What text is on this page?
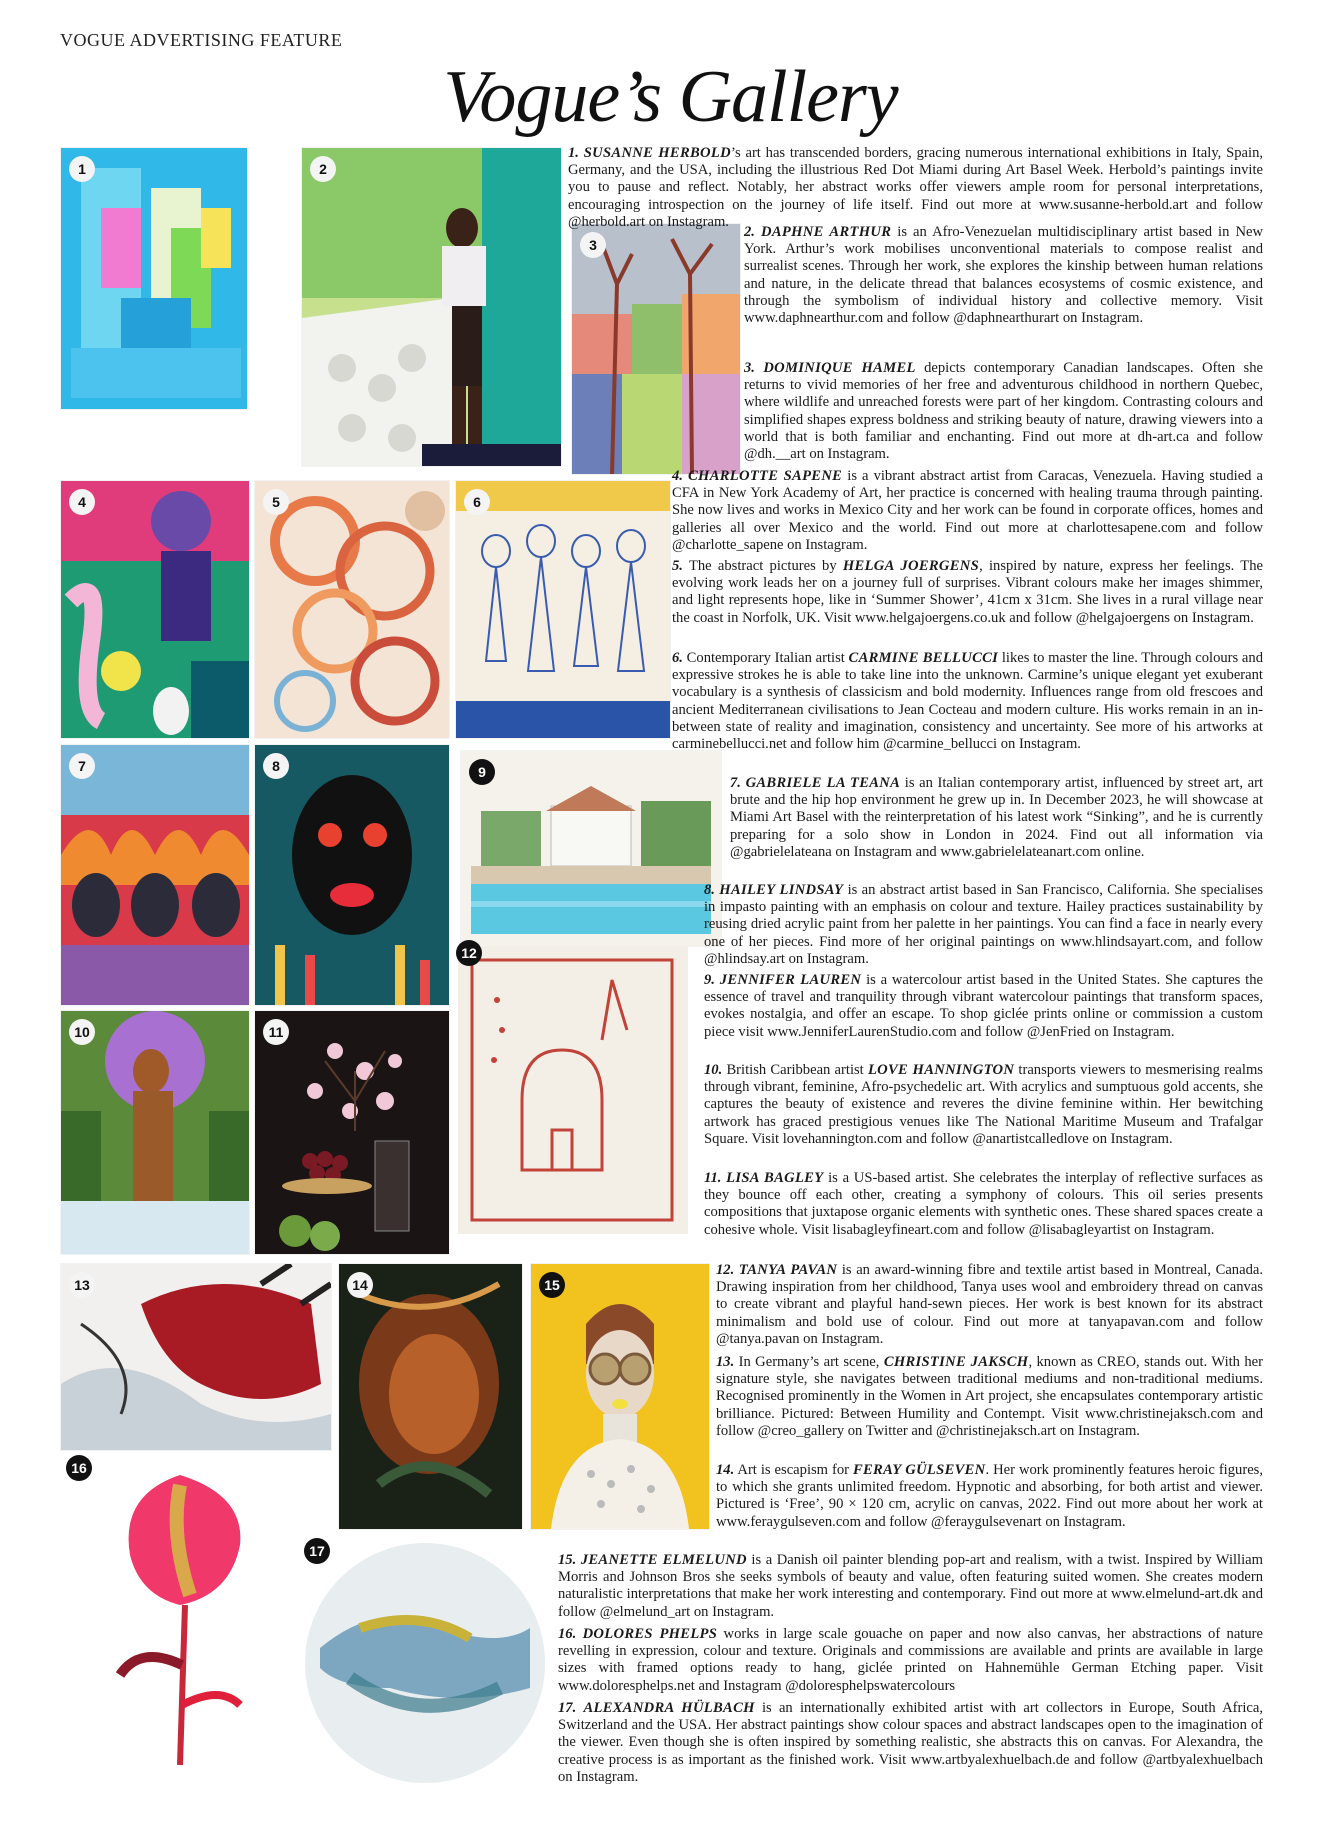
VOGUE ADVERTISING FEATURE
Vogue’s Gallery
1	2
3
4	5	6
7	8	9
10	11
12
13	14	15
16
17
1. SUSANNE HERBOLD’s art has transcended borders, gracing numerous international exhibitions in Italy, Spain, Germany, and the USA, including the illustrious Red Dot Miami during Art Basel Week. Herbold’s paintings invite you to pause and reflect. Notably, her abstract works offer viewers ample room for personal interpretations, encouraging introspection on the journey of life itself. Find out more at www.susanne-herbold.art and follow @herbold.art on Instagram.
2. DAPHNE ARTHUR is an Afro-Venezuelan multidisciplinary artist based in New York. Arthur’s work mobilises unconventional materials to compose realist and surrealist scenes. Through her work, she explores the kinship between human relations and nature, in the delicate thread that balances ecosystems of cosmic existence, and through the symbolism of individual history and collective memory. Visit www.daphnearthur.com and follow @daphnearthurart on Instagram.
3. DOMINIQUE HAMEL depicts contemporary Canadian landscapes. Often she returns to vivid memories of her free and adventurous childhood in northern Quebec, where wildlife and unreached forests were part of her kingdom. Contrasting colours and simplified shapes express boldness and striking beauty of nature, drawing viewers into a world that is both familiar and enchanting. Find out more at dh-art.ca and follow @dh.__art on Instagram.
4. CHARLOTTE SAPENE is a vibrant abstract artist from Caracas, Venezuela. Having studied a CFA in New York Academy of Art, her practice is concerned with healing trauma through painting. She now lives and works in Mexico City and her work can be found in corporate offices, homes and galleries all over Mexico and the world. Find out more at charlottesapene.com and follow @charlotte_sapene on Instagram.
5. The abstract pictures by HELGA JOERGENS, inspired by nature, express her feelings. The evolving work leads her on a journey full of surprises. Vibrant colours make her images shimmer, and light represents hope, like in ‘Summer Shower’, 41cm x 31cm. She lives in a rural village near the coast in Norfolk, UK. Visit www.helgajoergens.co.uk and follow @helgajoergens on Instagram.
6. Contemporary Italian artist CARMINE BELLUCCI likes to master the line. Through colours and expressive strokes he is able to take line into the unknown. Carmine’s unique elegant yet exuberant vocabulary is a synthesis of classicism and bold modernity. Influences range from old frescoes and ancient Mediterranean civilisations to Jean Cocteau and modern culture. His works remain in an in-between state of reality and imagination, consistency and uncertainty. See more of his artworks at carminebellucci.net and follow him @carmine_bellucci on Instagram.
7. GABRIELE LA TEANA is an Italian contemporary artist, influenced by street art, art brute and the hip hop environment he grew up in. In December 2023, he will showcase at Miami Art Basel with the reinterpretation of his latest work “Sinking”, and he is currently preparing for a solo show in London in 2024. Find out all information via @gabrielelateana on Instagram and www.gabrielelateanart.com online.
8. HAILEY LINDSAY is an abstract artist based in San Francisco, California. She specialises in impasto painting with an emphasis on colour and texture. Hailey practices sustainability by reusing dried acrylic paint from her palette in her paintings. You can find a face in nearly every one of her pieces. Find more of her original paintings on www.hlindsayart.com, and follow @hlindsay.art on Instagram.
9. JENNIFER LAUREN is a watercolour artist based in the United States. She captures the essence of travel and tranquility through vibrant watercolour paintings that transform spaces, evokes nostalgia, and offer an escape. To shop giclée prints online or commission a custom piece visit www.JenniferLaurenStudio.com and follow @JenFried on Instagram.
10. British Caribbean artist LOVE HANNINGTON transports viewers to mesmerising realms through vibrant, feminine, Afro-psychedelic art. With acrylics and sumptuous gold accents, she captures the beauty of existence and reveres the divine feminine within. Her bewitching artwork has graced prestigious venues like The National Maritime Museum and Trafalgar Square. Visit lovehannington.com and follow @anartistcalledlove on Instagram.
11. LISA BAGLEY is a US-based artist. She celebrates the interplay of reflective surfaces as they bounce off each other, creating a symphony of colours. This oil series presents compositions that juxtapose organic elements with synthetic ones. These shared spaces create a cohesive whole. Visit lisabagleyfineart.com and follow @lisabagleyartist on Instagram.
12. TANYA PAVAN is an award-winning fibre and textile artist based in Montreal, Canada. Drawing inspiration from her childhood, Tanya uses wool and embroidery thread on canvas to create vibrant and playful hand-sewn pieces. Her work is best known for its abstract minimalism and bold use of colour. Find out more at tanyapavan.com and follow @tanya.pavan on Instagram.
13. In Germany’s art scene, CHRISTINE JAKSCH, known as CREO, stands out. With her signature style, she navigates between traditional mediums and non-traditional mediums. Recognised prominently in the Women in Art project, she encapsulates contemporary artistic brilliance. Pictured: Between Humility and Contempt. Visit www.christinejaksch.com and follow @creo_gallery on Twitter and @christinejaksch.art on Instagram.
14. Art is escapism for FERAY GÜLSEVEN. Her work prominently features heroic figures, to which she grants unlimited freedom. Hypnotic and absorbing, for both artist and viewer. Pictured is ‘Free’, 90 × 120 cm, acrylic on canvas, 2022. Find out more about her work at www.feraygulseven.com and follow @feraygulsevenart on Instagram.
15. JEANETTE ELMELUND is a Danish oil painter blending pop-art and realism, with a twist. Inspired by William Morris and Johnson Bros she seeks symbols of beauty and value, often featuring suited women. She creates modern naturalistic interpretations that make her work interesting and contemporary. Find out more at www.elmelund-art.dk and follow @elmelund_art on Instagram.
16. DOLORES PHELPS works in large scale gouache on paper and now also canvas, her abstractions of nature revelling in expression, colour and texture. Originals and commissions are available and prints are available in large sizes with framed options ready to hang, giclée printed on Hahnemühle German Etching paper. Visit www.doloresphelps.net and Instagram @doloresphelpswatercolours
17. ALEXANDRA HÜLBACH is an internationally exhibited artist with art collectors in Europe, South Africa, Switzerland and the USA. Her abstract paintings show colour spaces and abstract landscapes open to the imagination of the viewer. Even though she is often inspired by something realistic, she abstracts this on canvas. For Alexandra, the creative process is as important as the finished work. Visit www.artbyalexhuelbach.de and follow @artbyalexhuelbach on Instagram.
